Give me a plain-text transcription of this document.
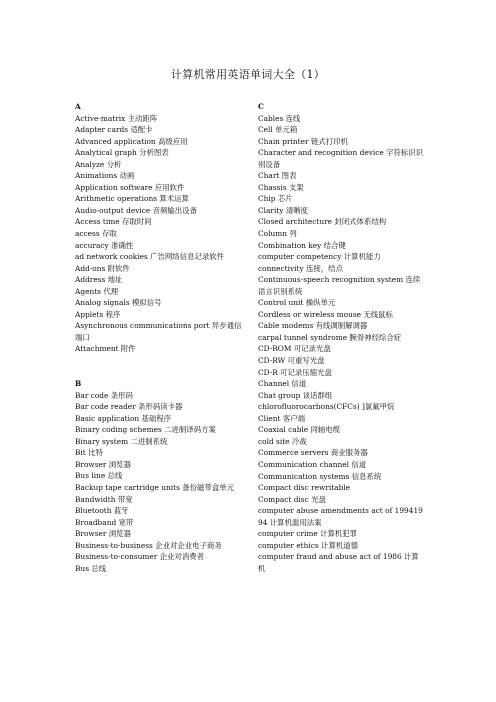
计算机常用英语单词大全（1）
A
Active-matrix 主动距阵
Adapter cards 适配卡
Advanced application 高级应用
Analytical graph 分析图表
Analyze 分析
Animations 动画
Application software 应用软件
Arithmetic operations 算术运算
Audio-output device 音频输出设备
Access time 存取时间
access 存取
accuracy 准确性
ad network cookies 广告网络信息记录软件
Add-ons 附软件
Address 地址
Agents 代理
Analog signals 模拟信号
Applets 程序
Asynchronous communications port 异步通信端口
Attachment 附件
B
Bar code 条形码
Bar code reader 条形码读卡器
Basic application 基础程序
Binary coding schemes 二进制译码方案
Binary system 二进制系统
Bit 比特
Browser 浏览器
Bus line 总线
Backup tape cartridge units 备份磁带盒单元
Bandwidth 带宽
Bluetooth 蓝牙
Broadband 宽带
Browser 浏览器
Business-to-business 企业对企业电子商务
Business-to-consumer 企业对消费者
Bus 总线
C
Cables 连线
Cell 单元箱
Chain printer 链式打印机
Character and recognition device 字符标识识别设备
Chart 图表
Chassis 支架
Chip 芯片
Clarity 清晰度
Closed architecture 封闭式体系结构
Column 列
Combination key 结合键
computer competency 计算机能力
connectivity 连接，结点
Continuous-speech recognition system 连续语言识别系统
Control unit 操纵单元
Cordless or wireless mouse 无线鼠标
Cable modems 有线调制解调器
carpal tunnel syndrome 腕骨神经综合症
CD-ROM 可记录光盘
CD-RW 可重写光盘
CD-R 可记录压缩光盘
Channel 信道
Chat group 谈话群组
chlorofluorocarbons(CFCs) ]氯氟甲烷
Client 客户端
Coaxial cable 同轴电缆
cold site 冷战
Commerce servers 商业服务器
Communication channel 信道
Communication systems 信息系统
Compact disc rewritable
Compact disc 光盘
computer abuse amendments act of 19941994 计算机滥用法案
computer crime 计算机犯罪
computer ethics 计算机道德
computer fraud and abuse act of 1986 计算机
